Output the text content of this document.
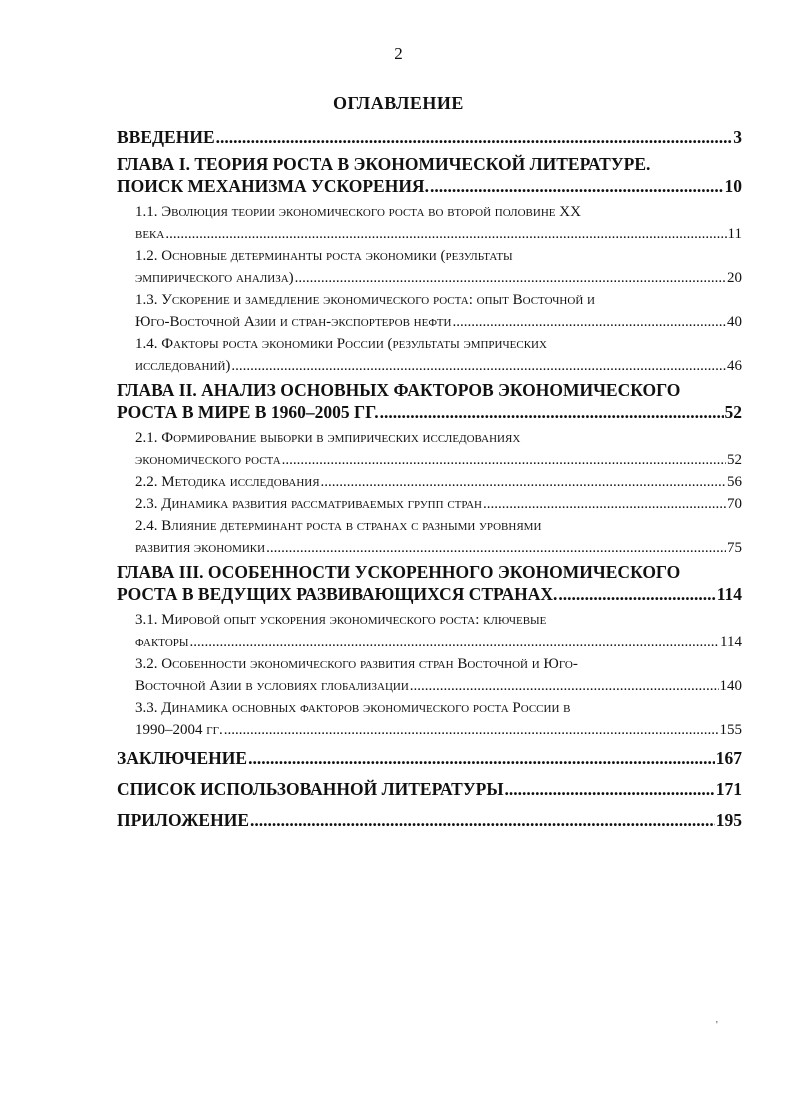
2
ОГЛАВЛЕНИЕ
ВВЕДЕНИЕ .....	3
ГЛАВА I. ТЕОРИЯ РОСТА В ЭКОНОМИЧЕСКОЙ ЛИТЕРАТУРЕ.
ПОИСК МЕХАНИЗМА УСКОРЕНИЯ. .....	10
1.1. Эволюция теории экономического роста во второй половине XX
века .....	11
1.2. Основные детерминанты роста экономики (результаты
эмпирического анализа) .....	20
1.3. Ускорение и замедление экономического роста: опыт Восточной и
Юго-Восточной Азии и стран-экспортеров нефти .....	40
1.4. Факторы роста экономики России (результаты эмпрических
исследований) .....	46
ГЛАВА II. АНАЛИЗ ОСНОВНЫХ ФАКТОРОВ ЭКОНОМИЧЕСКОГО
РОСТА В МИРЕ В 1960–2005 ГГ. .....	52
2.1. Формирование выборки в эмпирических исследованиях
экономического роста .....	52
2.2. Методика исследования .....	56
2.3. Динамика развития рассматриваемых групп стран .....	70
2.4. Влияние детерминант роста в странах с разными уровнями
развития экономики .....	75
ГЛАВА III. ОСОБЕННОСТИ УСКОРЕННОГО ЭКОНОМИЧЕСКОГО
РОСТА В ВЕДУЩИХ РАЗВИВАЮЩИХСЯ СТРАНАХ. .....	114
3.1. Мировой опыт ускорения экономического роста: ключевые
факторы .....	114
3.2. Особенности экономического развития стран Восточной и Юго-
Восточной Азии в условиях глобализации .....	140
3.3. Динамика основных факторов экономического роста России в
1990–2004 гг. .....	155
ЗАКЛЮЧЕНИЕ .....	167
СПИСОК ИСПОЛЬЗОВАННОЙ ЛИТЕРАТУРЫ .....	171
ПРИЛОЖЕНИЕ .....	195
'
